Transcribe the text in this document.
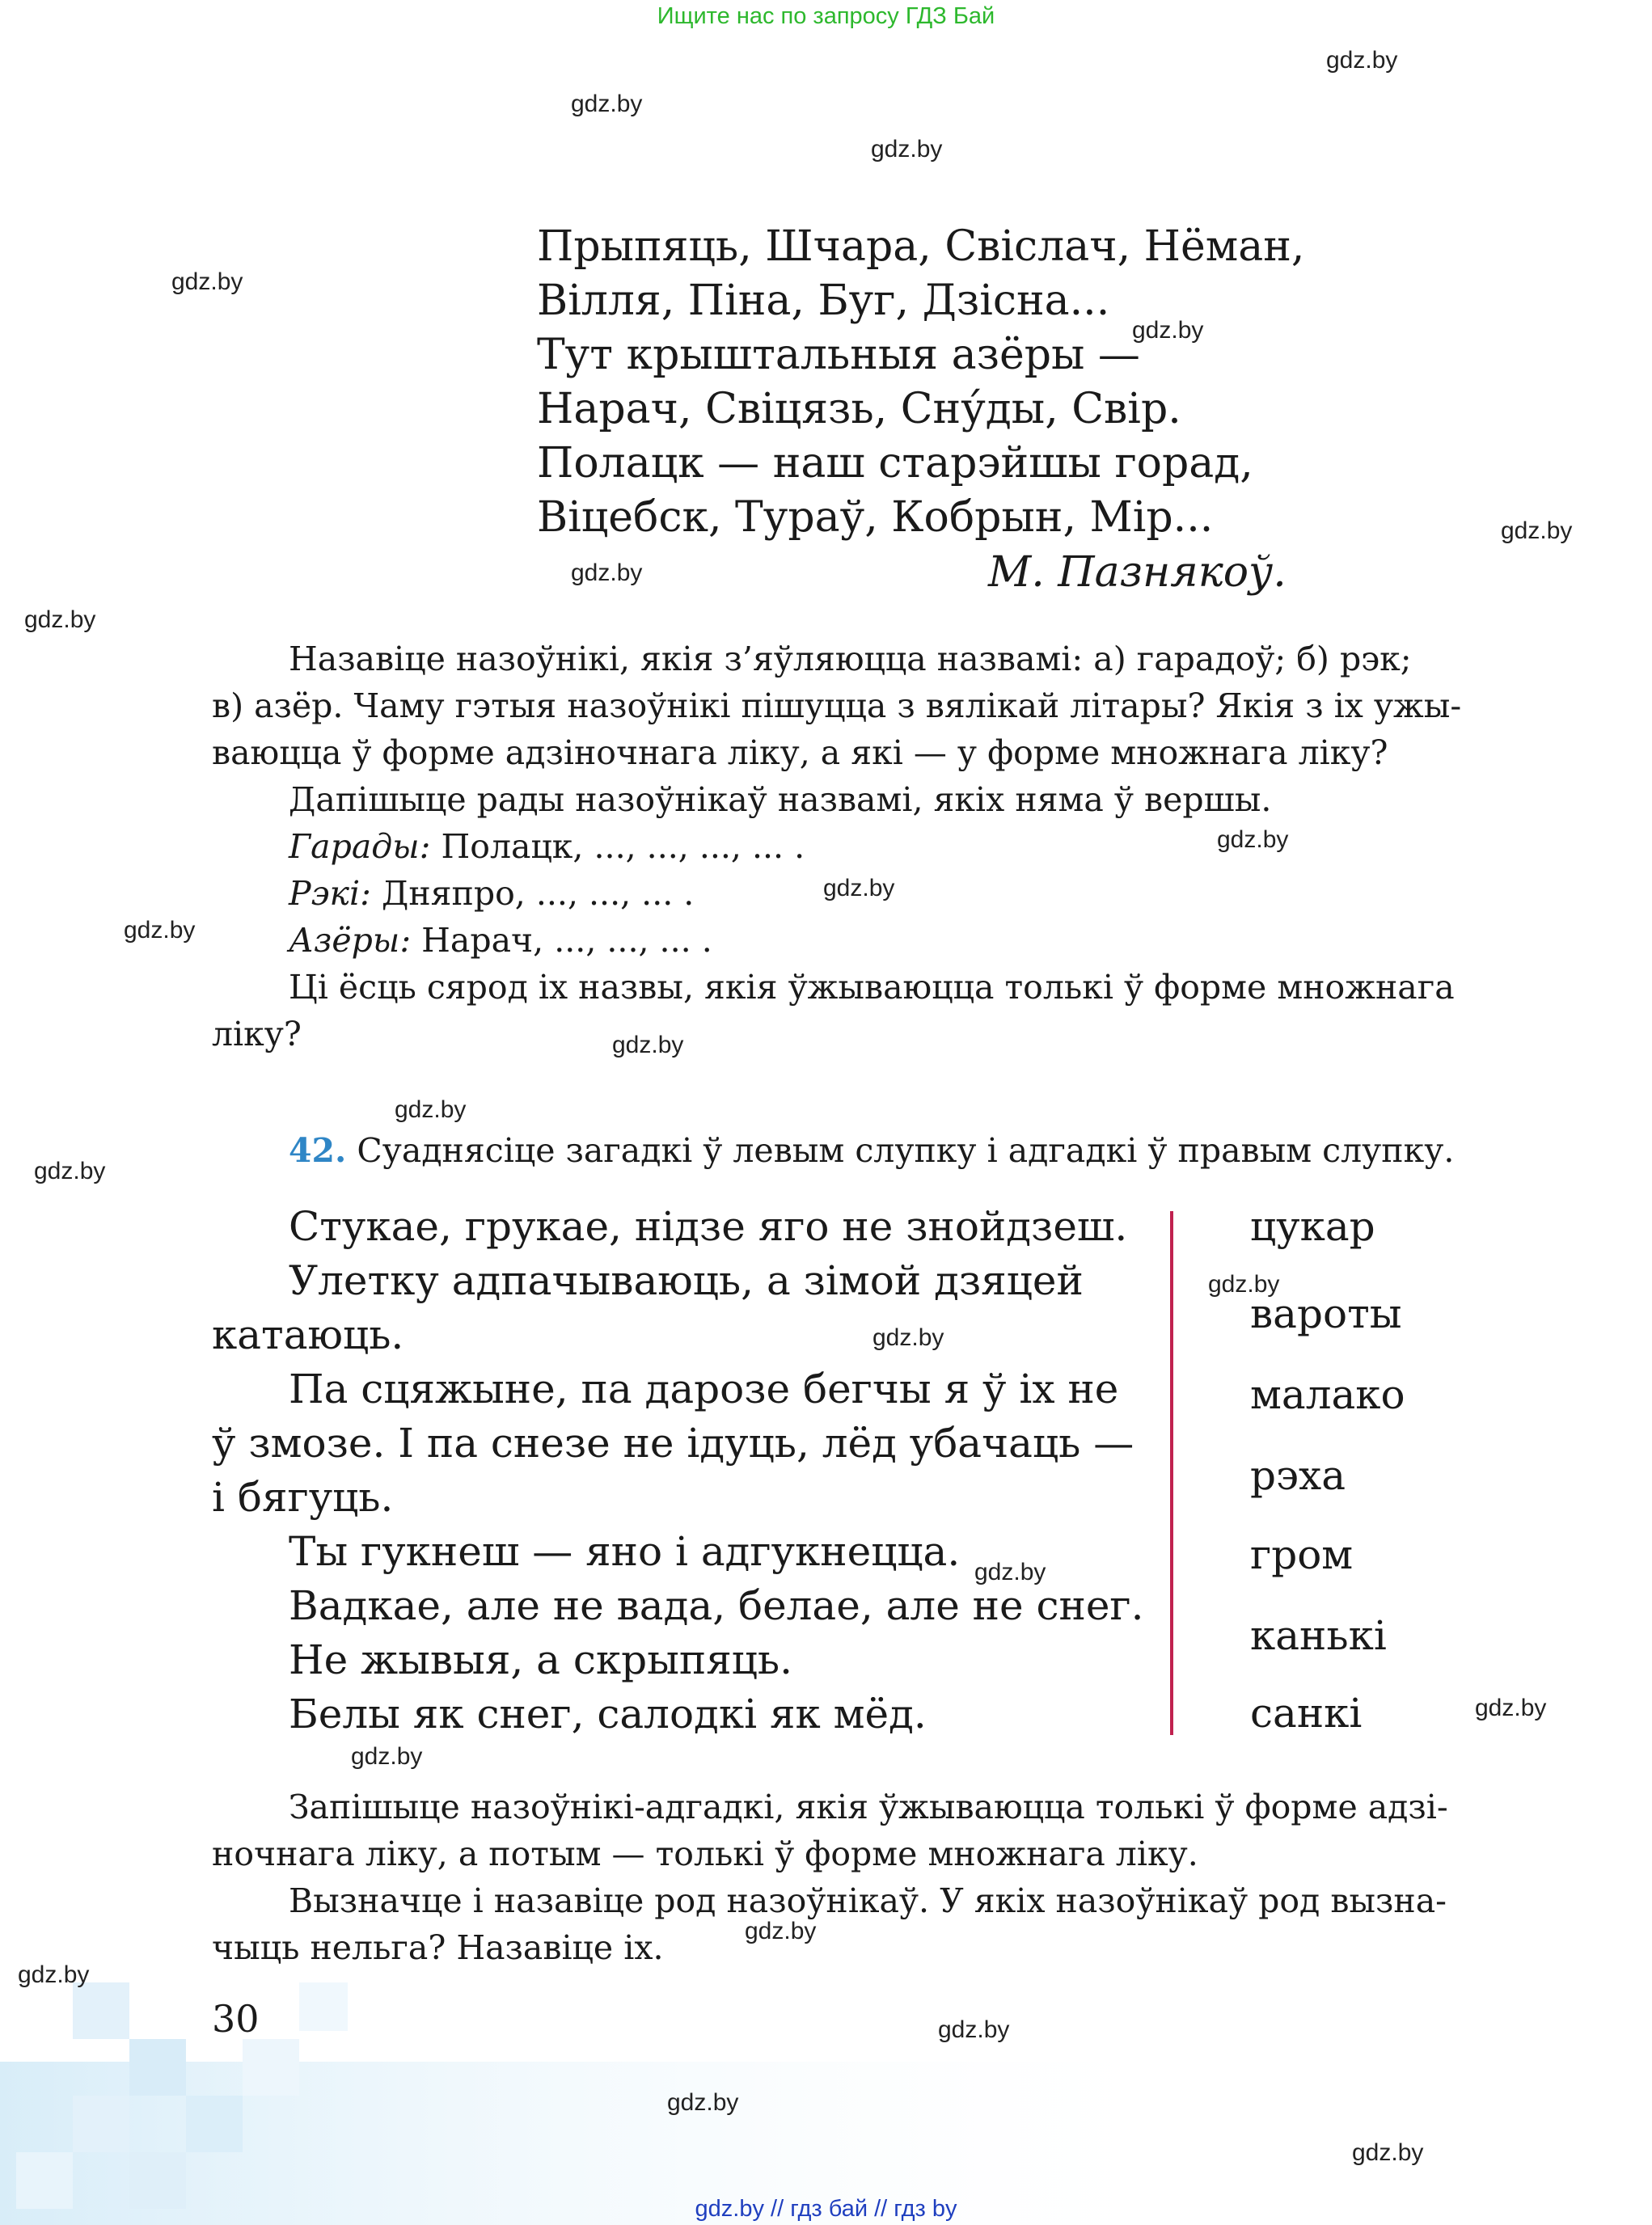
Ищите нас по запросу ГДЗ Бай
gdz.by
gdz.by
gdz.by
gdz.by
gdz.by
gdz.by
gdz.by
gdz.by
gdz.by
gdz.by
gdz.by
gdz.by
gdz.by
gdz.by
gdz.by
gdz.by
gdz.by
gdz.by
gdz.by
gdz.by
gdz.by
gdz.by
gdz.by
gdz.by
Прыпяць, Шчара, Свіслач, Нёман,
Вілля, Піна, Буг, Дзісна...
Тут крыштальныя азёры —
Нарач, Свіцязь, Сну́ды, Свір.
Полацк — наш старэйшы горад,
Віцебск, Тураў, Кобрын, Мір...
М. Пазнякоў.
Назавіце назоўнікі, якія з’яўляюцца назвамі: а) гарадоў; б) рэк;
в) азёр. Чаму гэтыя назоўнікі пішуцца з вялікай літары? Якія з іх ужы-
ваюцца ў форме адзіночнага ліку, а які — у форме множнага ліку?
Дапішыце рады назоўнікаў назвамі, якіх няма ў вершы.
Гарады: Полацк, ..., ..., ..., ... .
Рэкі: Дняпро, ..., ..., ... .
Азёры: Нарач, ..., ..., ... .
Ці ёсць сярод іх назвы, якія ўжываюцца толькі ў форме множнага
ліку?
42. Суаднясіце загадкі ў левым слупку і адгадкі ў правым слупку.
Стукае, грукае, нідзе яго не знойдзеш.
Улетку адпачываюць, а зімой дзяцей
катаюць.
Па сцяжыне, па дарозе бегчы я ў іх не
ў змозе. І па снезе не ідуць, лёд убачаць —
і бягуць.
Ты гукнеш — яно і адгукнецца.
Вадкае, але не вада, белае, але не снег.
Не жывыя, а скрыпяць.
Белы як снег, салодкі як мёд.
цукар
вароты
малако
рэха
гром
канькі
санкі
Запішыце назоўнікі-адгадкі, якія ўжываюцца толькі ў форме адзі-
ночнага ліку, а потым — толькі ў форме множнага ліку.
Вызначце і назавіце род назоўнікаў. У якіх назоўнікаў род вызна-
чыць нельга? Назавіце іх.
30
gdz.by // гдз бай // гдз by
